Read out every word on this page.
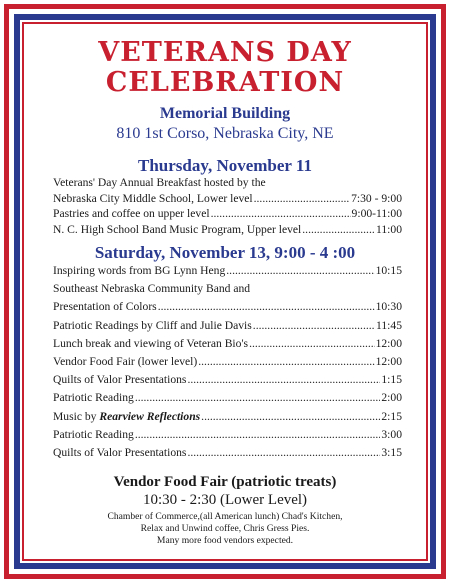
VETERANS DAY
CELEBRATION
Memorial Building
810 1st Corso, Nebraska City, NE
Thursday, November 11
Veterans' Day Annual Breakfast hosted by the
Nebraska City Middle School, Lower level .....	7:30 - 9:00
Pastries and coffee on upper level .....	9:00-11:00
N. C. High School Band Music Program, Upper level .....	11:00
Saturday, November 13, 9:00 - 4 :00
Inspiring words from BG Lynn Heng .....	10:15
Southeast Nebraska Community Band and
Presentation of Colors .....	10:30
Patriotic Readings by Cliff and Julie Davis .....	11:45
Lunch break and viewing of Veteran Bio's .....	12:00
Vendor Food Fair (lower level) .....	12:00
Quilts of Valor Presentations .....	1:15
Patriotic Reading .....	2:00
Music by Rearview Reflections .....	2:15
Patriotic Reading .....	3:00
Quilts of Valor Presentations .....	3:15
Vendor Food Fair (patriotic treats)
10:30 - 2:30 (Lower Level)
Chamber of Commerce,(all American lunch) Chad's Kitchen,
Relax and Unwind coffee, Chris Gress Pies.
Many more food vendors expected.
